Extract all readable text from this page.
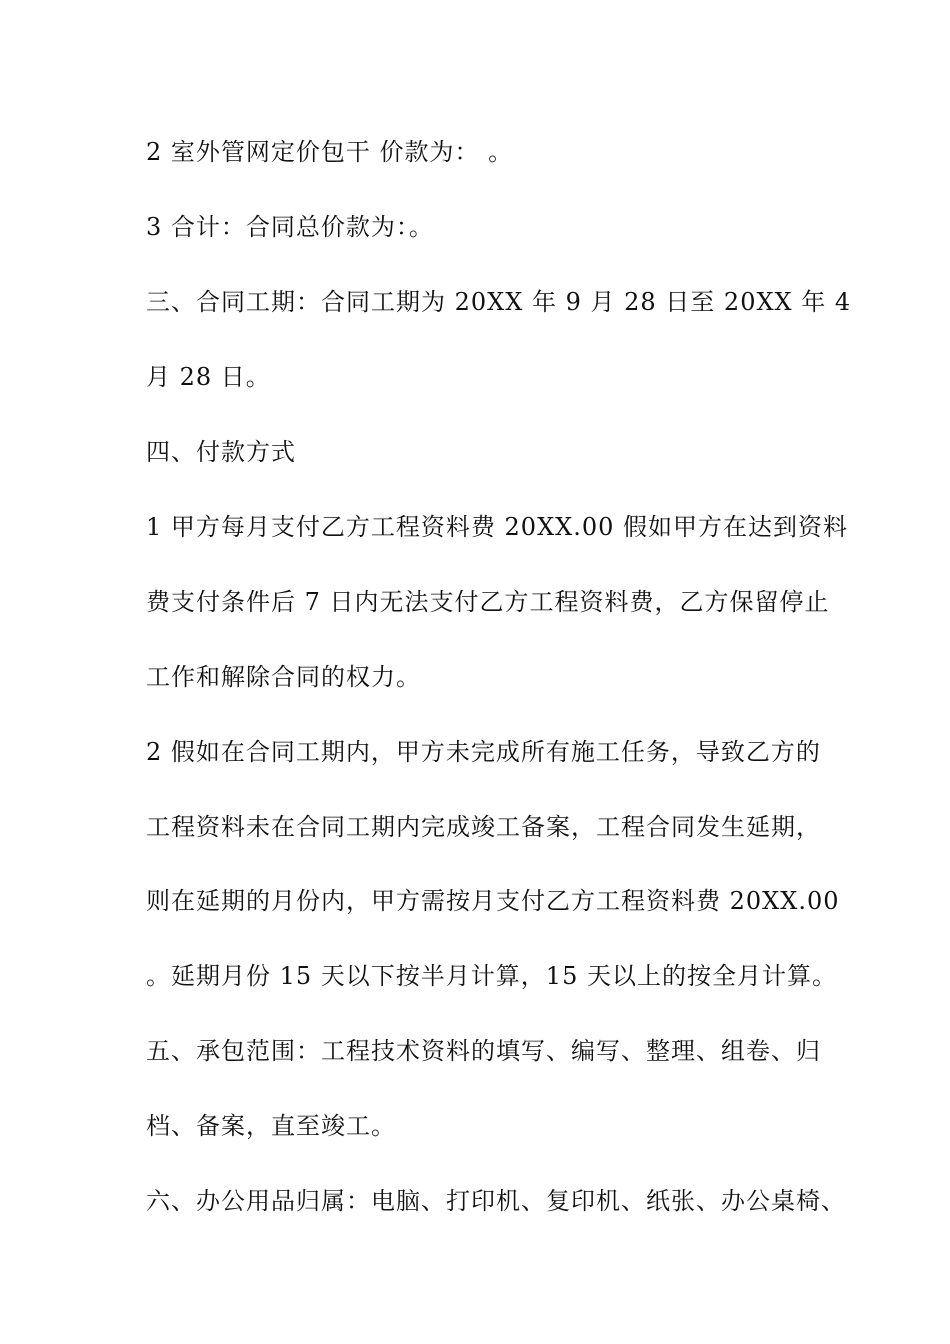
2 室外管网定价包干 价款为： 。
3 合计：合同总价款为：。
三、合同工期：合同工期为 20XX 年 9 月 28 日至 20XX 年 4
月 28 日。
四、付款方式
1 甲方每月支付乙方工程资料费 20XX.00 假如甲方在达到资料
费支付条件后 7 日内无法支付乙方工程资料费，乙方保留停止
工作和解除合同的权力。
2 假如在合同工期内，甲方未完成所有施工任务，导致乙方的
工程资料未在合同工期内完成竣工备案，工程合同发生延期，
则在延期的月份内，甲方需按月支付乙方工程资料费 20XX.00
。延期月份 15 天以下按半月计算，15 天以上的按全月计算。
五、承包范围：工程技术资料的填写、编写、整理、组卷、归
档、备案，直至竣工。
六、办公用品归属：电脑、打印机、复印机、纸张、办公桌椅、
